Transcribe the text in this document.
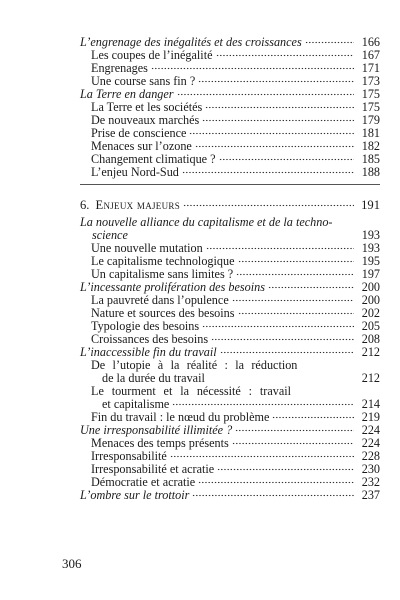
L’engrenage des inégalités et des croissances	166
Les coupes de l’inégalité	167
Engrenages	171
Une course sans fin ?	173
La Terre en danger	175
La Terre et les sociétés	175
De nouveaux marchés	179
Prise de conscience	181
Menaces sur l’ozone	182
Changement climatique ?	185
L’enjeu Nord-Sud	188
6. Enjeux majeurs	191
La nouvelle alliance du capitalisme et de la techno-
science	193
Une nouvelle mutation	193
Le capitalisme technologique	195
Un capitalisme sans limites ?	197
L’incessante prolifération des besoins	200
La pauvreté dans l’opulence	200
Nature et sources des besoins	202
Typologie des besoins	205
Croissances des besoins	208
L’inaccessible fin du travail	212
De l’utopie à la réalité : la réduction
de la durée du travail	212
Le tourment et la nécessité : travail
et capitalisme	214
Fin du travail : le nœud du problème	219
Une irresponsabilité illimitée ?	224
Menaces des temps présents	224
Irresponsabilité	228
Irresponsabilité et acratie	230
Démocratie et acratie	232
L’ombre sur le trottoir	237
306
